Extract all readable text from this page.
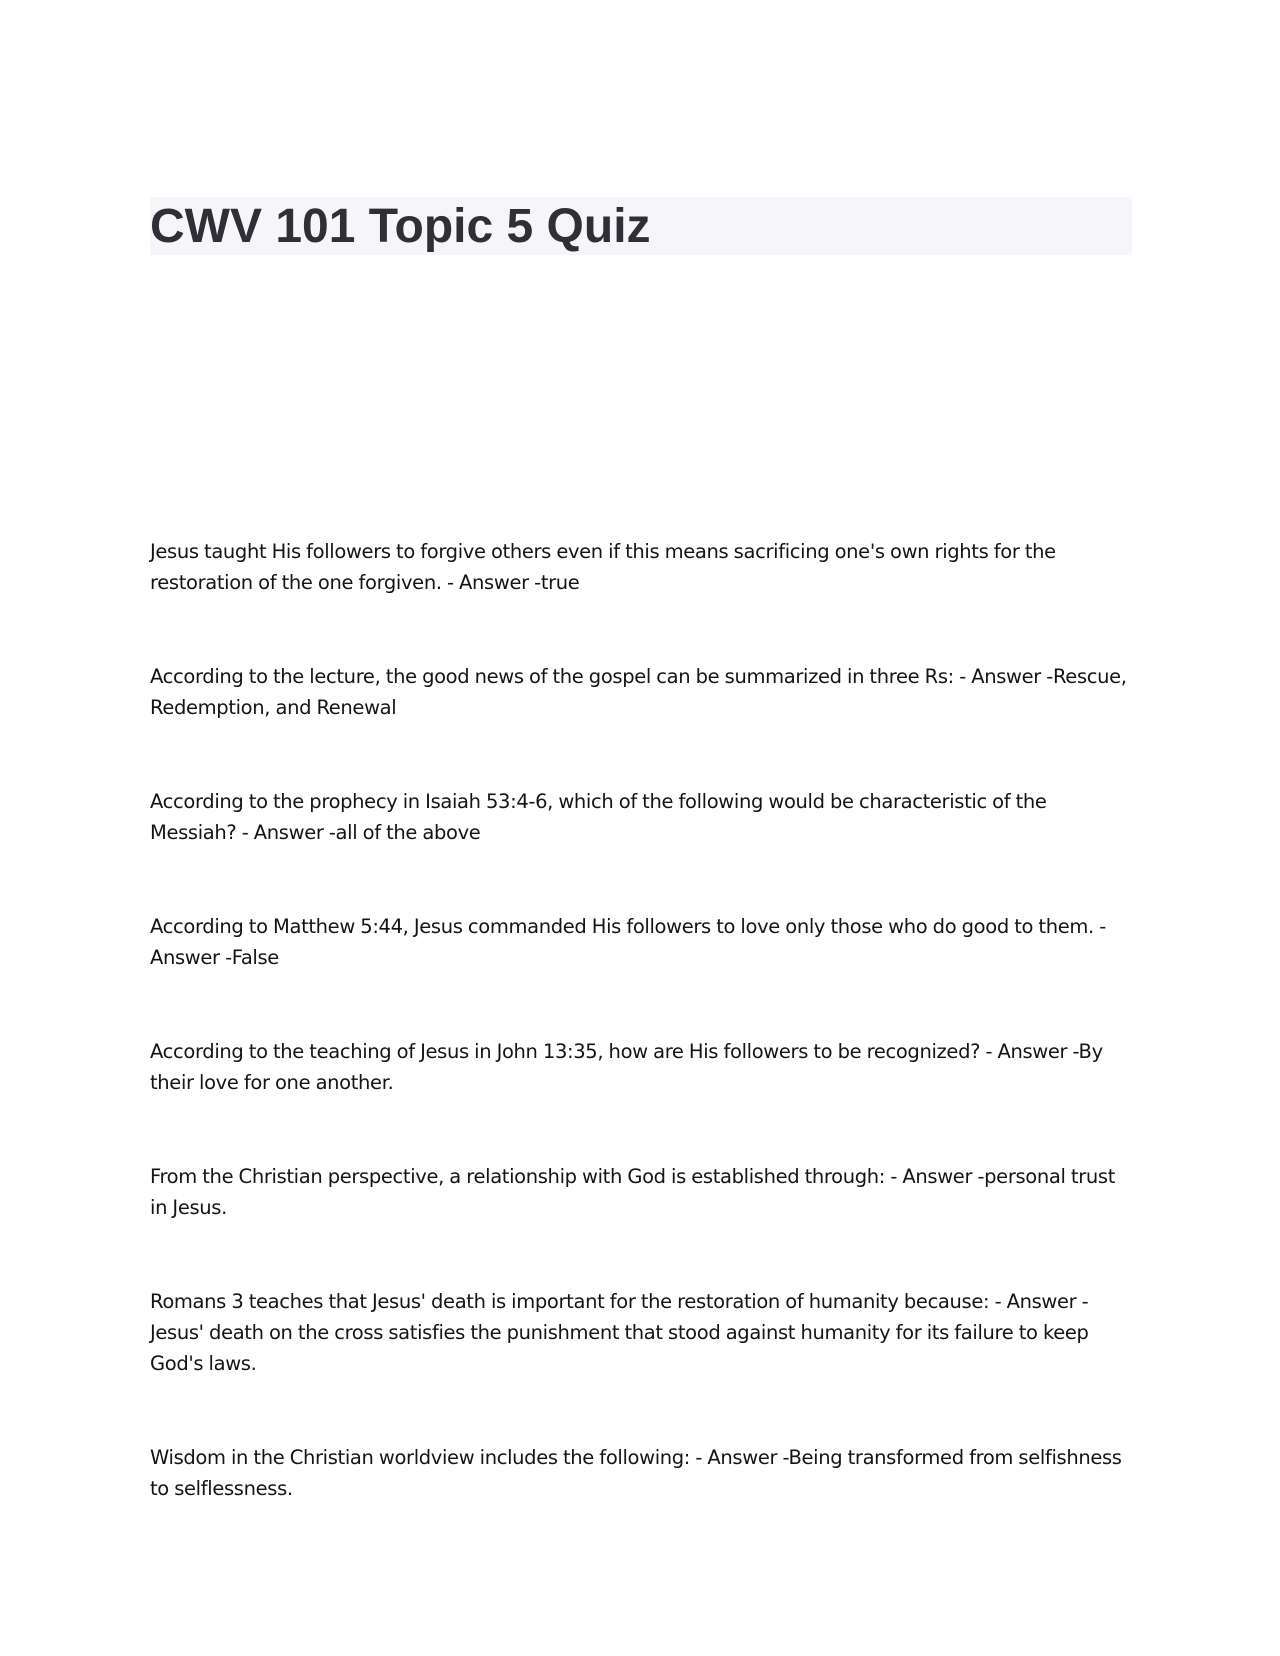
CWV 101 Topic 5 Quiz
Jesus taught His followers to forgive others even if this means sacrificing one's own rights for the restoration of the one forgiven. - Answer -true
According to the lecture, the good news of the gospel can be summarized in three Rs: - Answer -Rescue, Redemption, and Renewal
According to the prophecy in Isaiah 53:4-6, which of the following would be characteristic of the Messiah? - Answer -all of the above
According to Matthew 5:44, Jesus commanded His followers to love only those who do good to them. - Answer -False
According to the teaching of Jesus in John 13:35, how are His followers to be recognized? - Answer -By their love for one another.
From the Christian perspective, a relationship with God is established through: - Answer -personal trust in Jesus.
Romans 3 teaches that Jesus' death is important for the restoration of humanity because: - Answer -Jesus' death on the cross satisfies the punishment that stood against humanity for its failure to keep God's laws.
Wisdom in the Christian worldview includes the following: - Answer -Being transformed from selfishness to selflessness.
